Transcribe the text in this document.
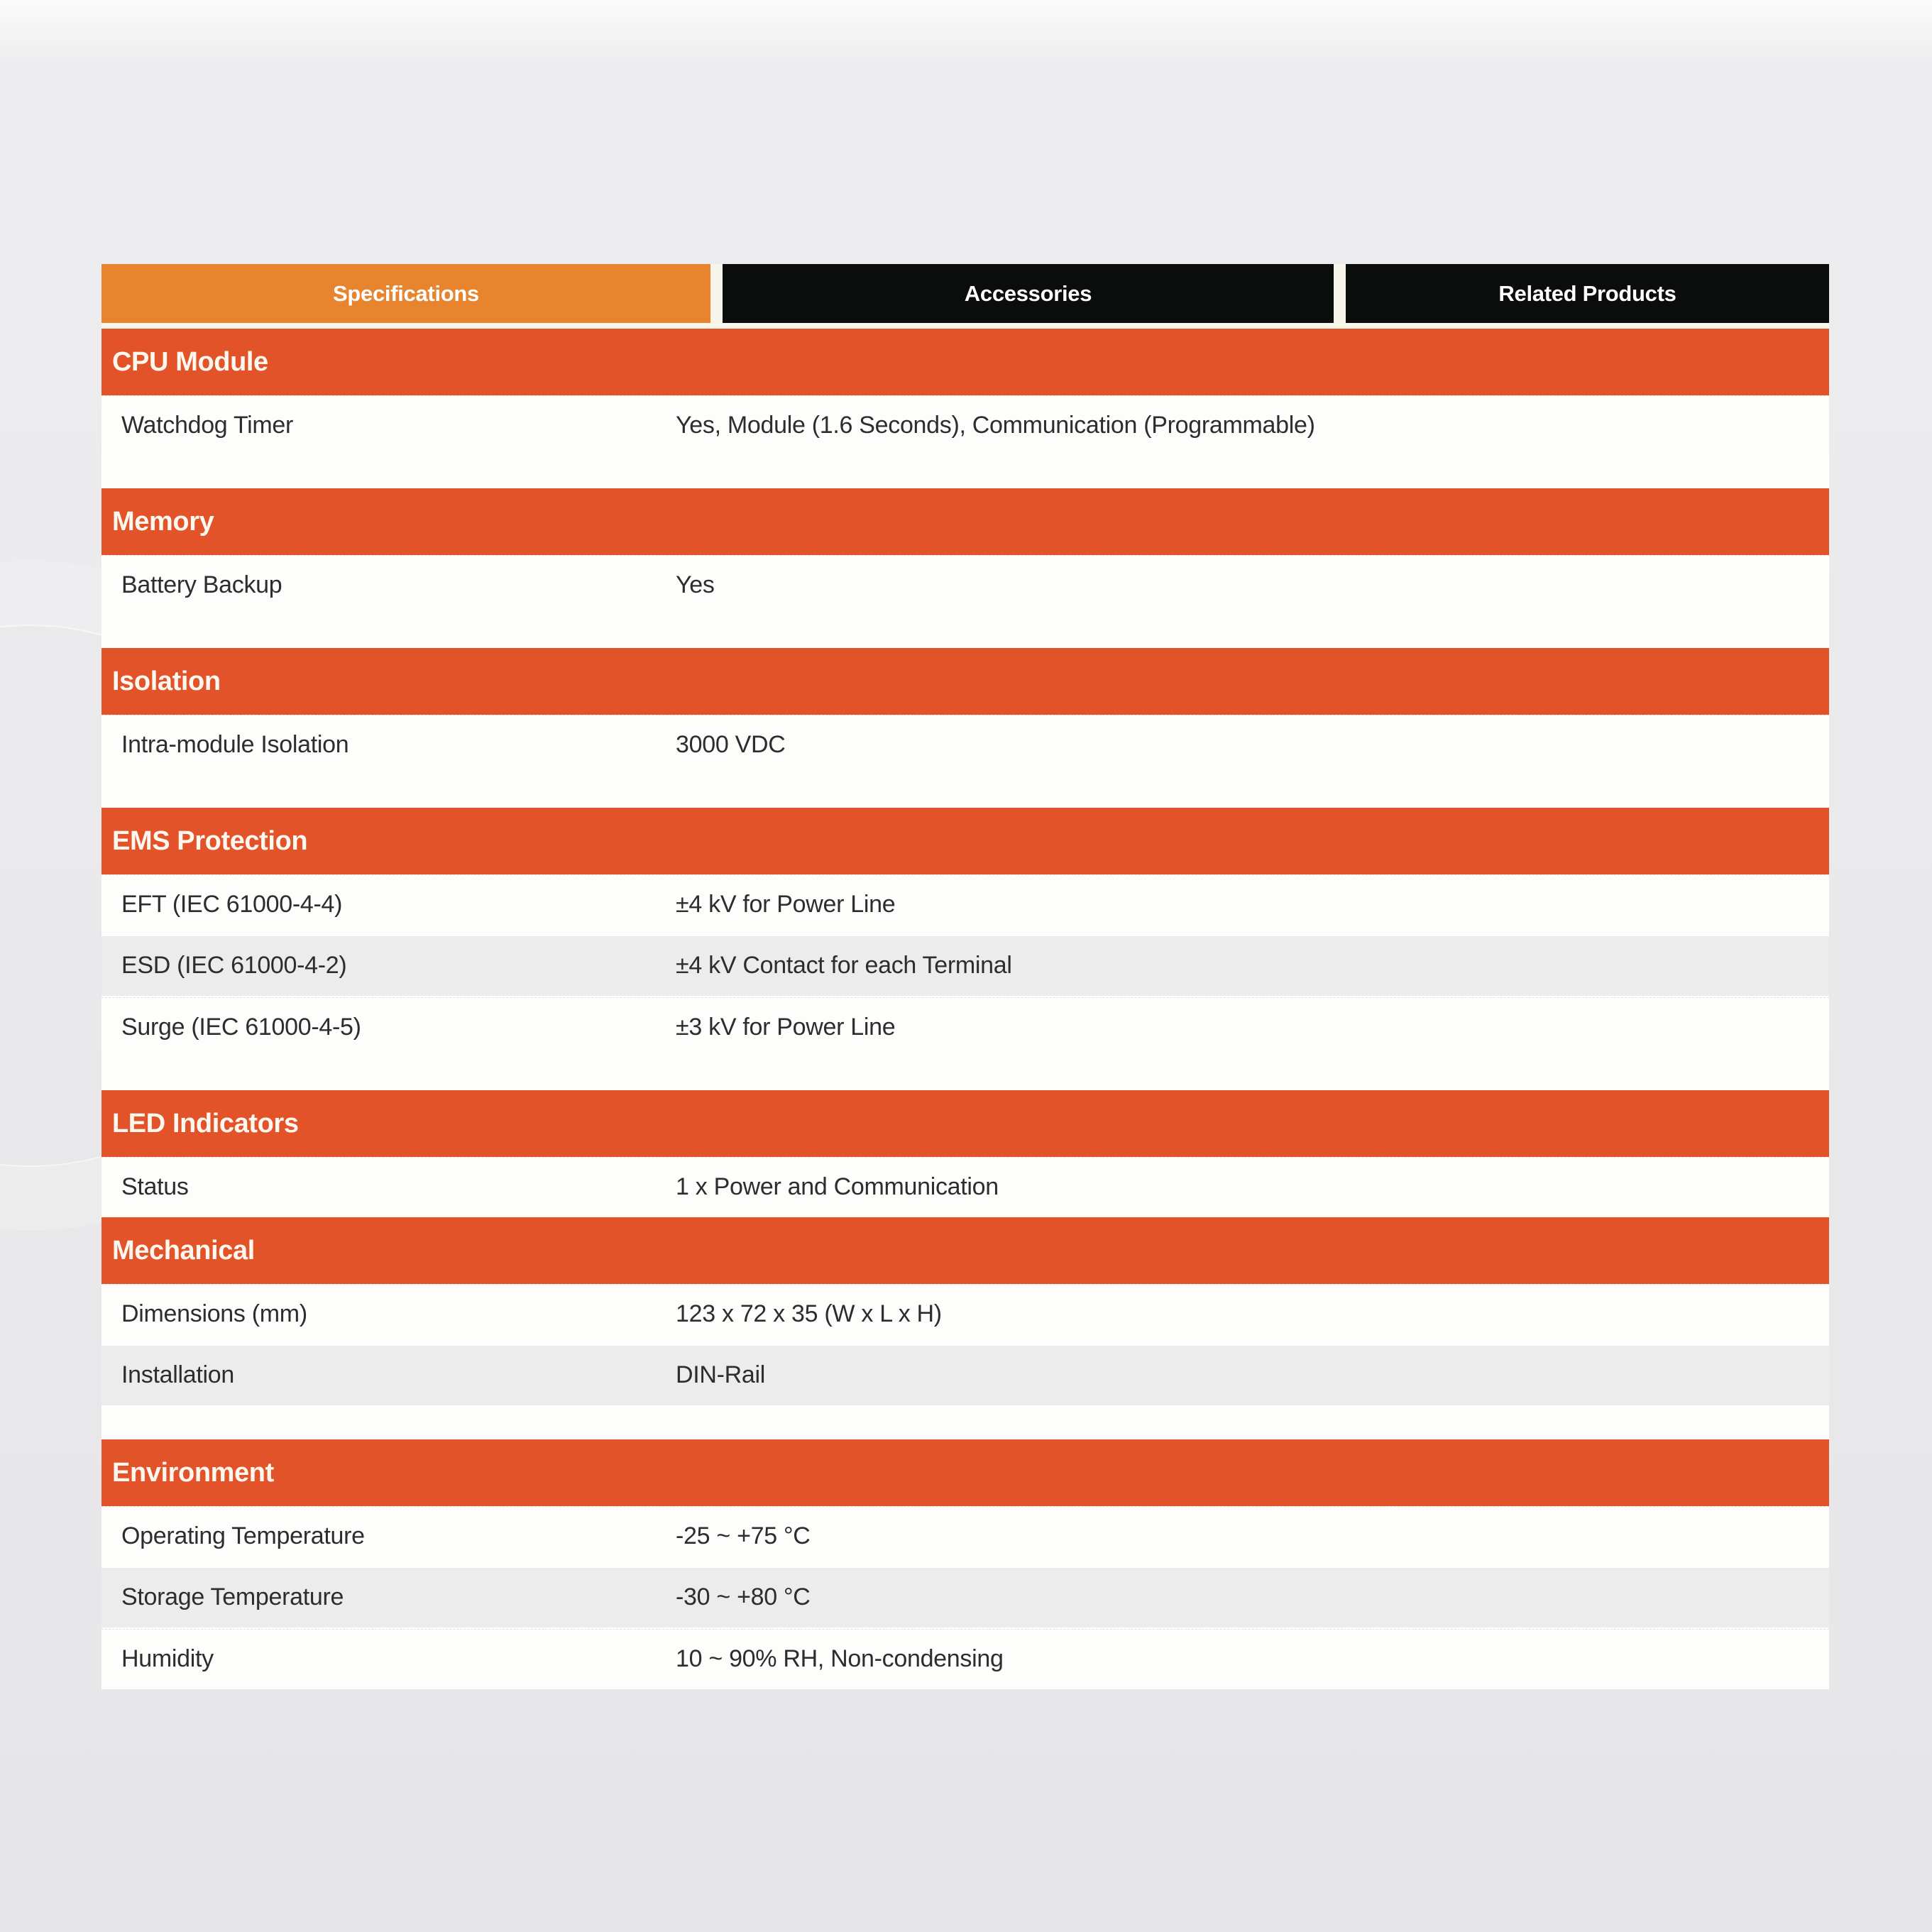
Specifications	Accessories	Related Products
CPU Module
Watchdog Timer	Yes, Module (1.6 Seconds), Communication (Programmable)
Memory
Battery Backup	Yes
Isolation
Intra-module Isolation	3000 VDC
EMS Protection
EFT (IEC 61000-4-4)	±4 kV for Power Line
ESD (IEC 61000-4-2)	±4 kV Contact for each Terminal
Surge (IEC 61000-4-5)	±3 kV for Power Line
LED Indicators
Status	1 x Power and Communication
Mechanical
Dimensions (mm)	123 x 72 x 35 (W x L x H)
Installation	DIN-Rail
Environment
Operating Temperature	-25 ~ +75 °C
Storage Temperature	-30 ~ +80 °C
Humidity	10 ~ 90% RH, Non-condensing
